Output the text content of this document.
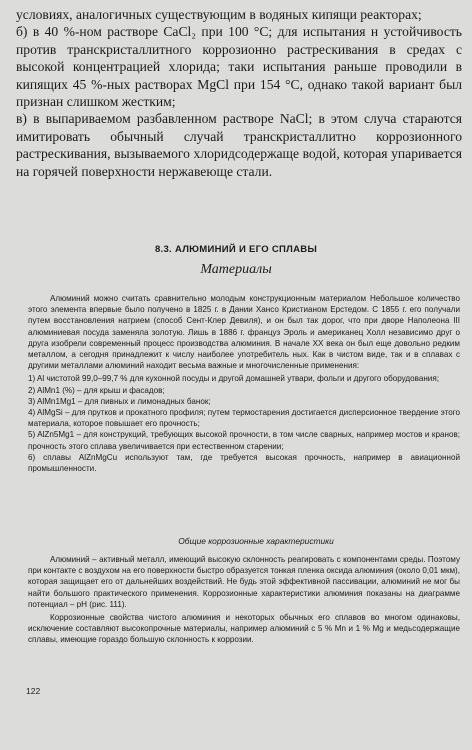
условиях, аналогичных существующим в водяных кипящи реакторах;

б) в 40 %-ном растворе CaCl₂ при 100 °C; для испытания н устойчивость против транскристаллитного коррозионно растрескивания в средах с высокой концентрацией хлорида; таки испытания раньше проводили в кипящих 45 %-ных растворах MgCl при 154 °C, однако такой вариант был признан слишком жестким;

в) в выпариваемом разбавленном растворе NaCl; в этом случа стараются имитировать обычный случай транскристаллитно коррозионного растрескивания, вызываемого хлоридсодержаще водой, которая упаривается на горячей поверхности нержавеюще стали.

8.3. АЛЮМИНИЙ И ЕГО СПЛАВЫ
Материалы

Алюминий можно считать сравнительно молодым конструкционным материалом Небольшое количество этого элемента впервые было получено в 1825 г. в Дании Хансо Кристианом Ерстедом. С 1855 г. его получали путем восстановления натрием (способ Сент-Клер Девиля), и он был так дорог, что при дворе Наполеона III алюминиевая посуда заменяла золотую. Лишь в 1886 г. француз Эроль и американец Холл независимо друг о друга изобрели современный процесс производства алюминия. В начале XX века он был еще довольно редким металлом, а сегодня принадлежит к числу наиболее употребитель ных. Как в чистом виде, так и в сплавах с другими металлами алюминий находит весьма важные и многочисленные применения:

1) Al чистотой 99,0–99,7 % для кухонной посуды и другой домашней утвари, фольги и другого оборудования;

2) AlMn1 (%) – для крыш и фасадов;

3) AlMn1Mg1 – для пивных и лимонадных банок;

4) AlMgSi – для прутков и прокатного профиля; путем термостарения достигается дисперсионное твердение этого материала, которое повышает его прочность;

5) AlZn5Mg1 – для конструкций, требующих высокой прочности, в том числе сварных, например мостов и кранов; прочность этого сплава увеличивается при естественном старении;

6) сплавы AlZnMgCu используют там, где требуется высокая прочность, например в авиационной промышленности.

Общие коррозионные характеристики

Алюминий – активный металл, имеющий высокую склонность реагировать с компонентами среды. Поэтому при контакте с воздухом на его поверхности быстро образуется тонкая пленка оксида алюминия (около 0,01 мкм), которая защищает его от дальнейших воздействий. Не будь этой эффективной пассивации, алюминий не мог бы найти большого практического применения. Коррозионные характеристики алюминия показаны на диаграмме потенциал – pH (рис. 111).

Коррозионные свойства чистого алюминия и некоторых обычных его сплавов во многом одинаковы, исключение составляют высокопрочные материалы, например алюминий с 5 % Mn и 1 % Mg и медьсодержащие сплавы, имеющие гораздо большую склонность к коррозии.

122
